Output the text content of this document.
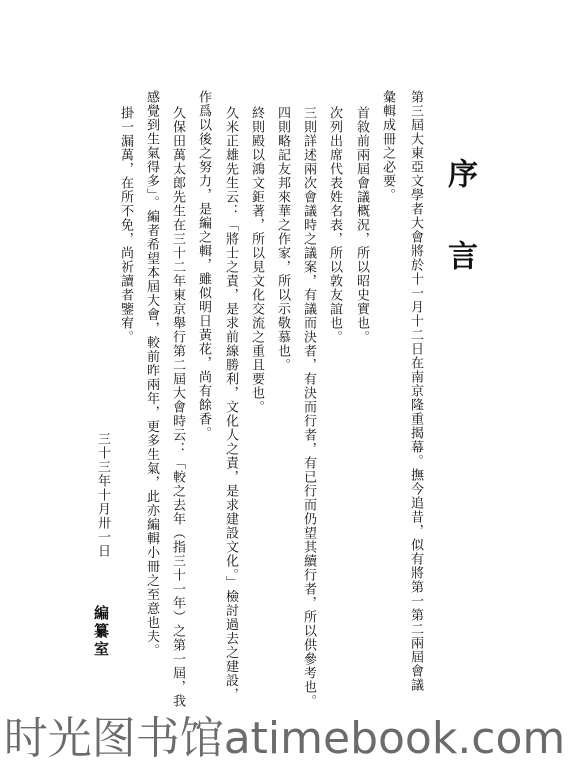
序言
第三屆大東亞文學者大會將於十一月十二日在南京隆重揭幕。撫今追昔，似有將第一第二兩屆會議
彙輯成冊之必要。
首敘前兩屆會議概況，所以昭史實也。
次列出席代表姓名表，所以敦友誼也。
三則詳述兩次會議時之議案，有議而決者，有決而行者，有已行而仍望其續行者，所以供參考也。
四則略記友邦來華之作家，所以示敬慕也。
終則殿以鴻文鉅著，所以見文化交流之重且要也。
久米正雄先生云：「將士之責，是求前線勝利，文化人之責，是求建設文化。」檢討過去之建設，
作爲以後之努力，是編之輯，雖似明日黃花，尚有餘香。
久保田萬太郎先生在三十二年東京舉行第二屆大會時云：「較之去年（指三十一年）之第一屆，我
感覺到生氣得多」。編者希望本屆大會，較前昨兩年，更多生氣，此亦編輯小冊之至意也夫。
掛一漏萬，在所不免，尚祈讀者鑒宥。
三十三年十月卅一日
編纂室
时光图书馆atimebook.com
